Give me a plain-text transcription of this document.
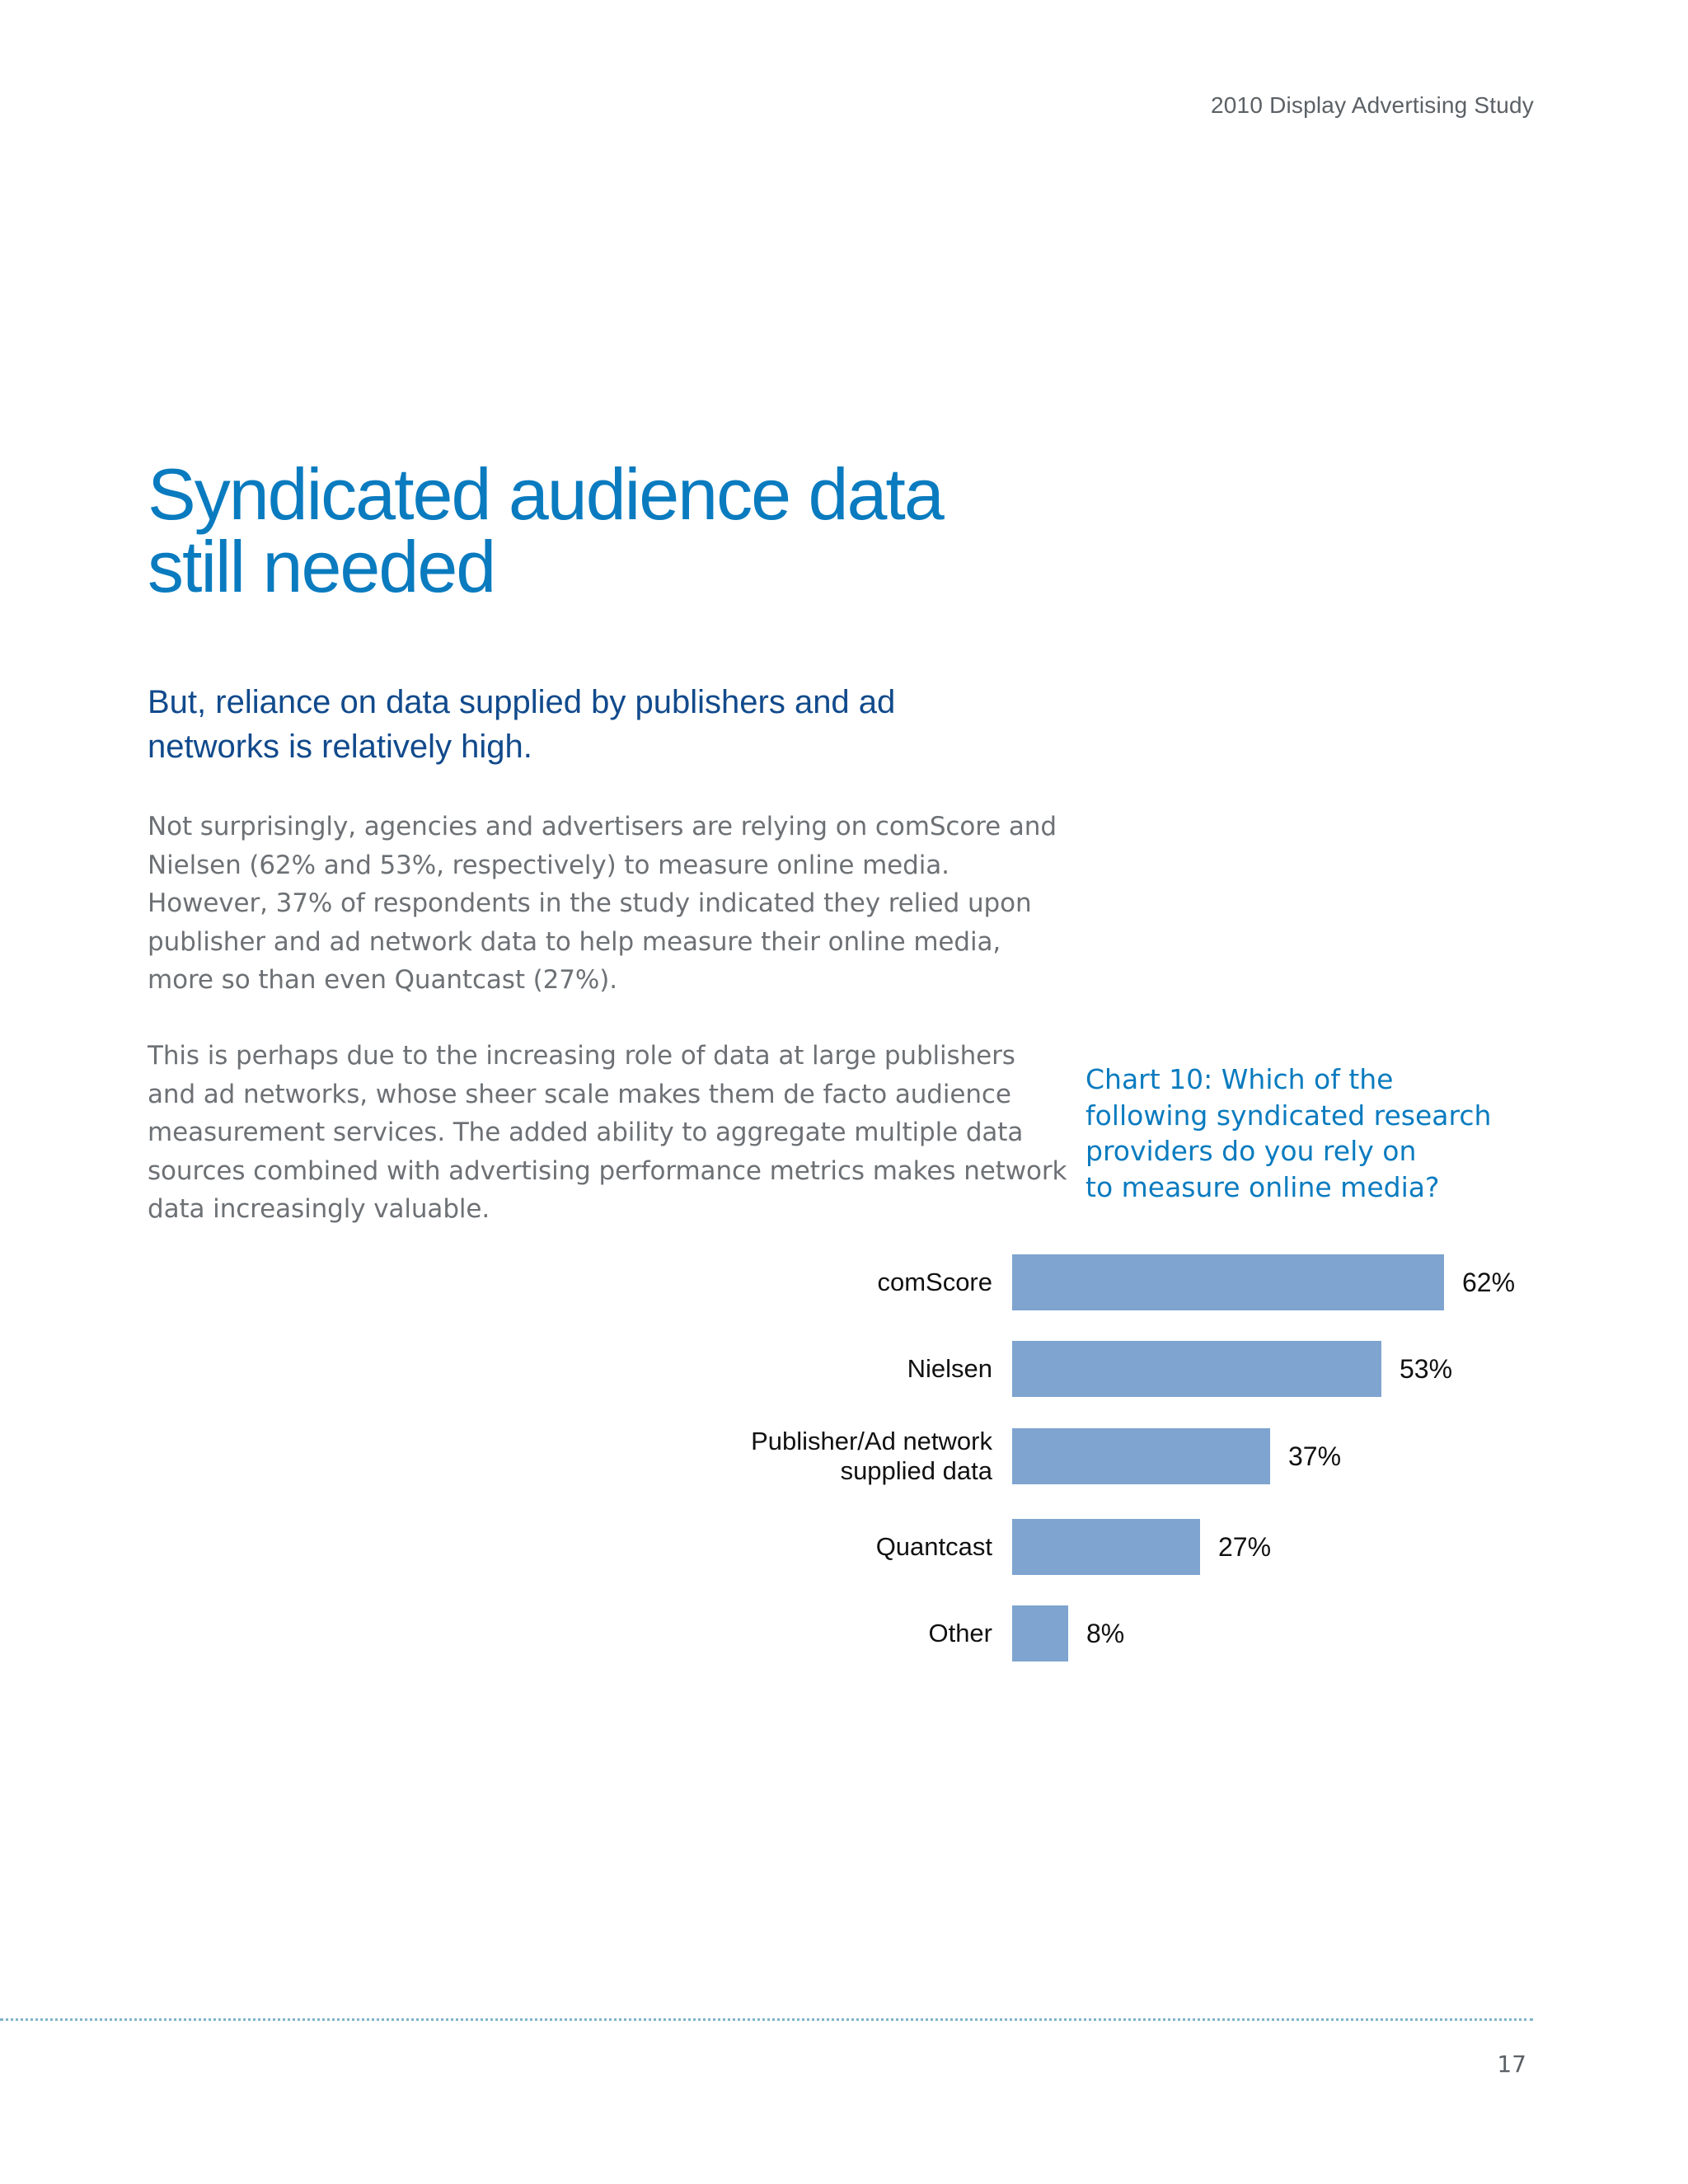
2010 Display Advertising Study
Syndicated audience data
still needed
But, reliance on data supplied by publishers and ad networks is relatively high.

Not surprisingly, agencies and advertisers are relying on comScore and Nielsen (62% and 53%, respectively) to measure online media. However, 37% of respondents in the study indicated they relied upon publisher and ad network data to help measure their online media, more so than even Quantcast (27%).

This is perhaps due to the increasing role of data at large publishers and ad networks, whose sheer scale makes them de facto audience measurement services. The added ability to aggregate multiple data sources combined with advertising performance metrics makes network data increasingly valuable.

Chart 10: Which of the
following syndicated research
providers do you rely on
to measure online media?
comScore	62%
Nielsen	53%
Publisher/Ad network
supplied data	37%
Quantcast	27%
Other	8%
17
